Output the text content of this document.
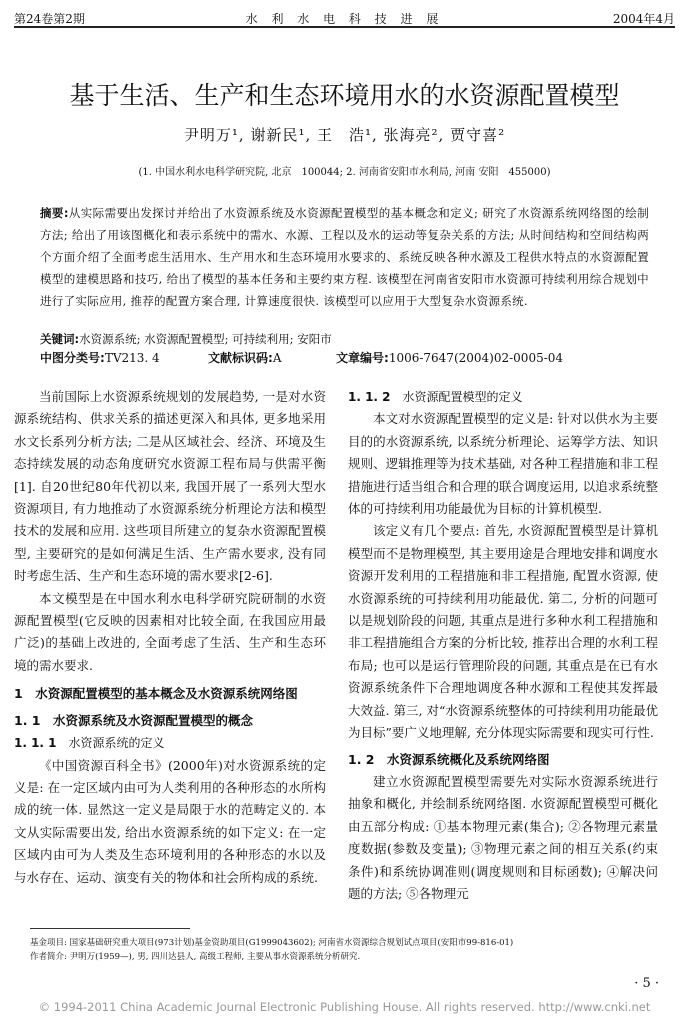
第24卷第2期	水 利 水 电 科 技 进 展	2004年4月
基于生活、生产和生态环境用水的水资源配置模型
尹明万¹, 谢新民¹, 王　浩¹, 张海亮², 贾守喜²
(1. 中国水利水电科学研究院, 北京　100044; 2. 河南省安阳市水利局, 河南 安阳　455000)
摘要:从实际需要出发探讨并给出了水资源系统及水资源配置模型的基本概念和定义; 研究了水资源系统网络图的绘制方法; 给出了用该图概化和表示系统中的需水、水源、工程以及水的运动等复杂关系的方法; 从时间结构和空间结构两个方面介绍了全面考虑生活用水、生产用水和生态环境用水要求的、系统反映各种水源及工程供水特点的水资源配置模型的建模思路和技巧, 给出了模型的基本任务和主要约束方程. 该模型在河南省安阳市水资源可持续利用综合规划中进行了实际应用, 推荐的配置方案合理, 计算速度很快. 该模型可以应用于大型复杂水资源系统.
关键词:水资源系统; 水资源配置模型; 可持续利用; 安阳市
中图分类号: TV213. 4	文献标识码: A	文章编号: 1006-7647(2004)02-0005-04

当前国际上水资源系统规划的发展趋势, 一是对水资源系统结构、供求关系的描述更深入和具体, 更多地采用水文长系列分析方法; 二是从区域社会、经济、环境及生态持续发展的动态角度研究水资源工程布局与供需平衡[1]. 自20世纪80年代初以来, 我国开展了一系列大型水资源项目, 有力地推动了水资源系统分析理论方法和模型技术的发展和应用. 这些项目所建立的复杂水资源配置模型, 主要研究的是如何满足生活、生产需水要求, 没有同时考虑生活、生产和生态环境的需水要求[2-6].

本文模型是在中国水利水电科学研究院研制的水资源配置模型(它反映的因素相对比较全面, 在我国应用最广泛)的基础上改进的, 全面考虑了生活、生产和生态环境的需水要求.

1　水资源配置模型的基本概念及水资源系统网络图
1. 1　水资源系统及水资源配置模型的概念
1. 1. 1　 水资源系统的定义

《中国资源百科全书》(2000年)对水资源系统的定义是: 在一定区域内由可为人类利用的各种形态的水所构成的统一体. 显然这一定义是局限于水的范畴定义的. 本文从实际需要出发, 给出水资源系统的如下定义: 在一定区域内由可为人类及生态环境利用的各种形态的水以及与水存在、运动、演变有关的物体和社会所构成的系统.

1. 1. 2　 水资源配置模型的定义

本文对水资源配置模型的定义是: 针对以供水为主要目的的水资源系统, 以系统分析理论、运筹学方法、知识规则、逻辑推理等为技术基础, 对各种工程措施和非工程措施进行适当组合和合理的联合调度运用, 以追求系统整体的可持续利用功能最优为目标的计算机模型.

该定义有几个要点: 首先, 水资源配置模型是计算机模型而不是物理模型, 其主要用途是合理地安排和调度水资源开发利用的工程措施和非工程措施, 配置水资源, 使水资源系统的可持续利用功能最优. 第二, 分析的问题可以是规划阶段的问题, 其重点是进行多种水利工程措施和非工程措施组合方案的分析比较, 推荐出合理的水利工程布局; 也可以是运行管理阶段的问题, 其重点是在已有水资源系统条件下合理地调度各种水源和工程使其发挥最大效益. 第三, 对“水资源系统整体的可持续利用功能最优为目标”要广义地理解, 充分体现实际需要和现实可行性.

1. 2　水资源系统概化及系统网络图

建立水资源配置模型需要先对实际水资源系统进行抽象和概化, 并绘制系统网络图. 水资源配置模型可概化由五部分构成: ①基本物理元素(集合); ②各物理元素量度数据(参数及变量); ③物理元素之间的相互关系(约束条件)和系统协调准则(调度规则和目标函数); ④解决问题的方法; ⑤各物理元

基金项目: 国家基础研究重大项目(973计划)基金资助项目(G1999043602); 河南省水资源综合规划试点项目(安阳市99-816-01)
作者简介: 尹明万(1959—), 男, 四川达县人, 高级工程师, 主要从事水资源系统分析研究.
· 5 ·
© 1994-2011 China Academic Journal Electronic Publishing House. All rights reserved. http://www.cnki.net
